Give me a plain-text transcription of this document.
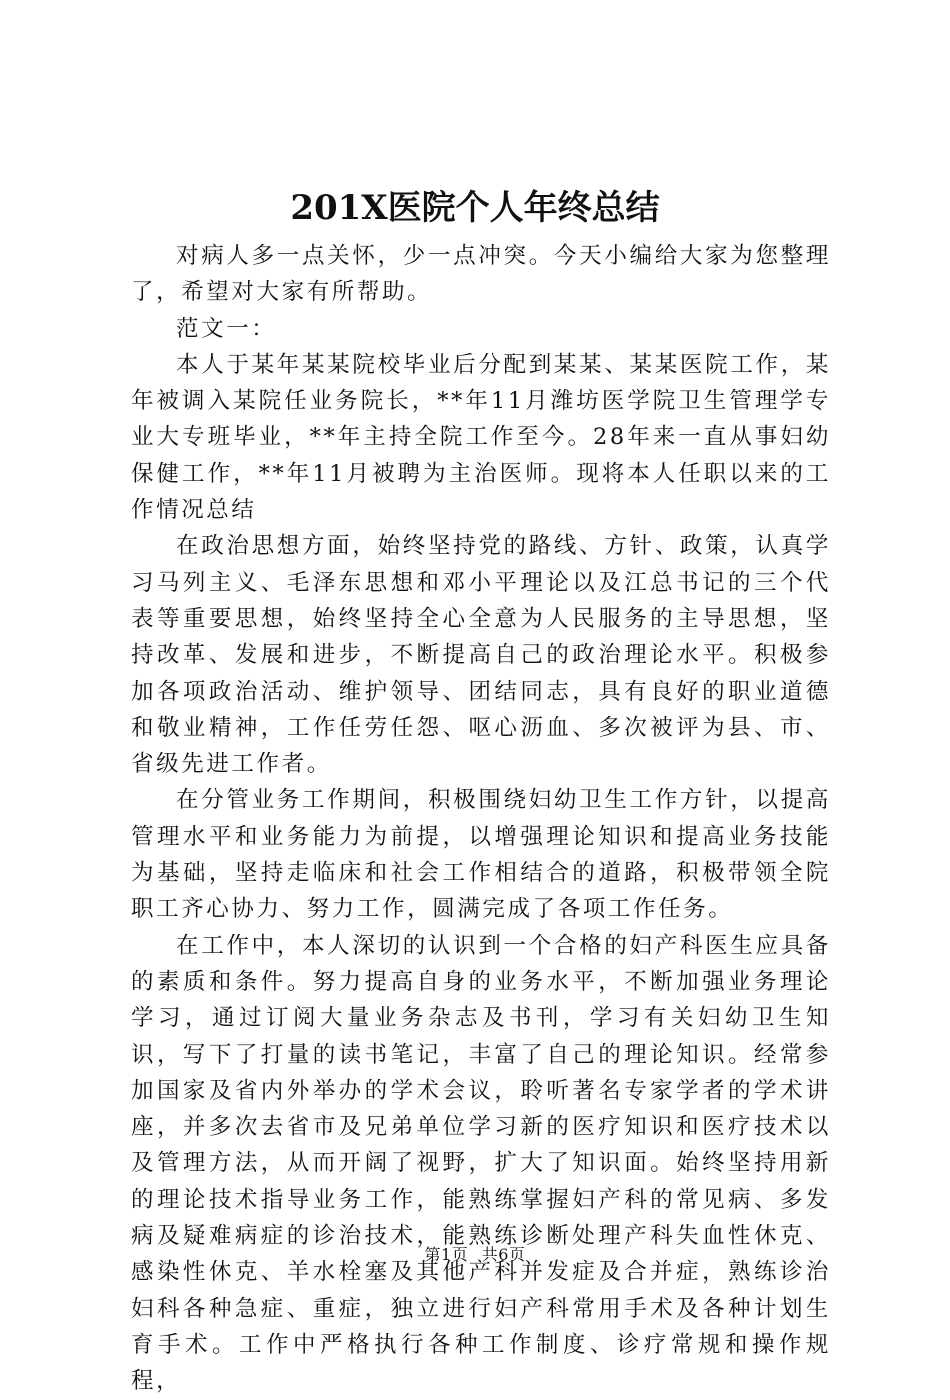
201X医院个人年终总结

对病人多一点关怀，少一点冲突。今天小编给大家为您整理了，希望对大家有所帮助。

范文一：

本人于某年某某院校毕业后分配到某某、某某医院工作，某年被调入某院任业务院长，**年11月潍坊医学院卫生管理学专业大专班毕业，**年主持全院工作至今。28年来一直从事妇幼保健工作，**年11月被聘为主治医师。现将本人任职以来的工作情况总结

在政治思想方面，始终坚持党的路线、方针、政策，认真学习马列主义、毛泽东思想和邓小平理论以及江总书记的三个代表等重要思想，始终坚持全心全意为人民服务的主导思想，坚持改革、发展和进步，不断提高自己的政治理论水平。积极参加各项政治活动、维护领导、团结同志，具有良好的职业道德和敬业精神，工作任劳任怨、呕心沥血、多次被评为县、市、省级先进工作者。

在分管业务工作期间，积极围绕妇幼卫生工作方针，以提高管理水平和业务能力为前提，以增强理论知识和提高业务技能为基础，坚持走临床和社会工作相结合的道路，积极带领全院职工齐心协力、努力工作，圆满完成了各项工作任务。

在工作中，本人深切的认识到一个合格的妇产科医生应具备的素质和条件。努力提高自身的业务水平，不断加强业务理论学习，通过订阅大量业务杂志及书刊，学习有关妇幼卫生知识，写下了打量的读书笔记，丰富了自己的理论知识。经常参加国家及省内外举办的学术会议，聆听著名专家学者的学术讲座，并多次去省市及兄弟单位学习新的医疗知识和医疗技术以及管理方法，从而开阔了视野，扩大了知识面。始终坚持用新的理论技术指导业务工作，能熟练掌握妇产科的常见病、多发病及疑难病症的诊治技术，能熟练诊断处理产科失血性休克、感染性休克、羊水栓塞及其他产科并发症及合并症，熟练诊治妇科各种急症、重症，独立进行妇产科常用手术及各种计划生育手术。工作中严格执行各种工作制度、诊疗常规和操作规程，

第1页 共6页
